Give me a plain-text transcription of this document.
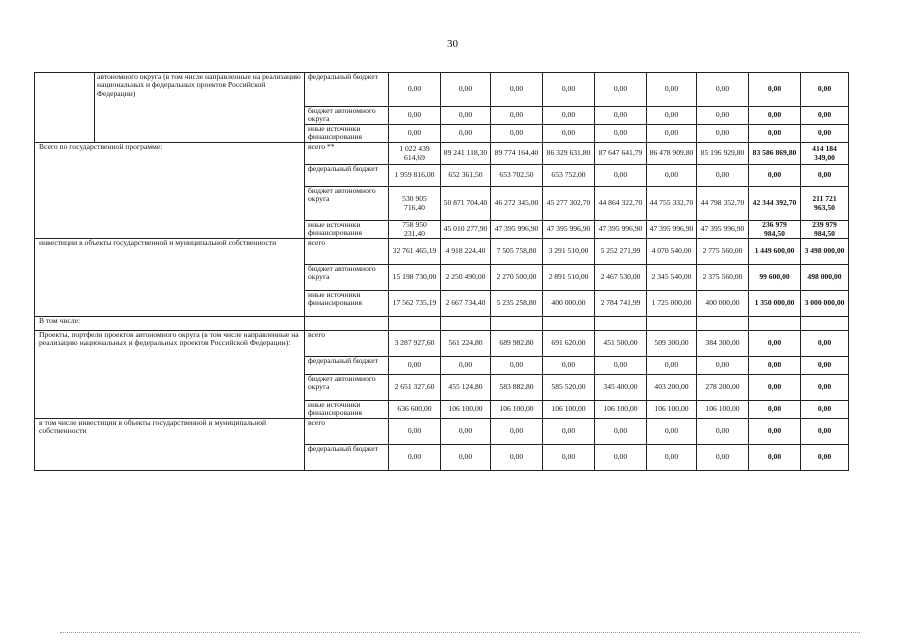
30
	автономного округа (в том числе направленные на реализацию национальных и федеральных проектов Российской Федерации)	федеральный бюджет	0,00	0,00	0,00	0,00	0,00	0,00	0,00	0,00	0,00
		бюджет автономного округа	0,00	0,00	0,00	0,00	0,00	0,00	0,00	0,00	0,00
		иные источники финансирования	0,00	0,00	0,00	0,00	0,00	0,00	0,00	0,00	0,00
Всего по государственной программе:		всего **	1 022 439 614,69	89 241 118,30	89 774 164,40	86 329 631,80	87 647 641,79	86 478 909,80	85 196 929,80	83 586 869,80	414 184 349,00
		федеральный бюджет	1 959 816,00	652 361,50	653 702,50	653 752,00	0,00	0,00	0,00	0,00	0,00
		бюджет автономного округа	530 905 716,40	50 871 704,40	46 272 345,00	45 277 302,70	44 864 322,70	44 755 332,70	44 798 352,70	42 344 392,70	211 721 963,50
		иные источники финансирования	758 950 231,40	45 010 277,90	47 395 996,90	47 395 996,90	47 395 996,90	47 395 996,90	47 395 996,90	236 979 984,50	239 979 984,50
инвестиции в объекты государственной и муниципальной собственности		всего	32 761 465,19	4 918 224,40	7 505 758,80	3 291 510,00	5 252 271,99	4 070 540,00	2 775 560,00	1 449 600,00	3 498 000,00
		бюджет автономного округа	15 198 730,00	2 250 490,00	2 270 500,00	2 891 510,00	2 467 530,00	2 345 540,00	2 375 560,00	99 600,00	498 000,00
		иные источники финансирования	17 562 735,19	2 667 734,40	5 235 258,80	400 000,00	2 784 741,99	1 725 000,00	400 000,00	1 350 000,00	3 000 000,00
В том числе:											
Проекты, портфели проектов автономного округа (в том числе направленные на реализацию национальных и федеральных проектов Российской Федерации):		всего	3 287 927,60	561 224,80	689 982,80	691 620,00	451 500,00	509 300,00	384 300,00	0,00	0,00
		федеральный бюджет	0,00	0,00	0,00	0,00	0,00	0,00	0,00	0,00	0,00
		бюджет автономного округа	2 651 327,60	455 124,80	583 882,80	585 520,00	345 400,00	403 200,00	278 200,00	0,00	0,00
		иные источники финансирования	636 600,00	106 100,00	106 100,00	106 100,00	106 100,00	106 100,00	106 100,00	0,00	0,00
в том числе инвестиции в объекты государственной и муниципальной собственности		всего	0,00	0,00	0,00	0,00	0,00	0,00	0,00	0,00	0,00
		федеральный бюджет	0,00	0,00	0,00	0,00	0,00	0,00	0,00	0,00	0,00
